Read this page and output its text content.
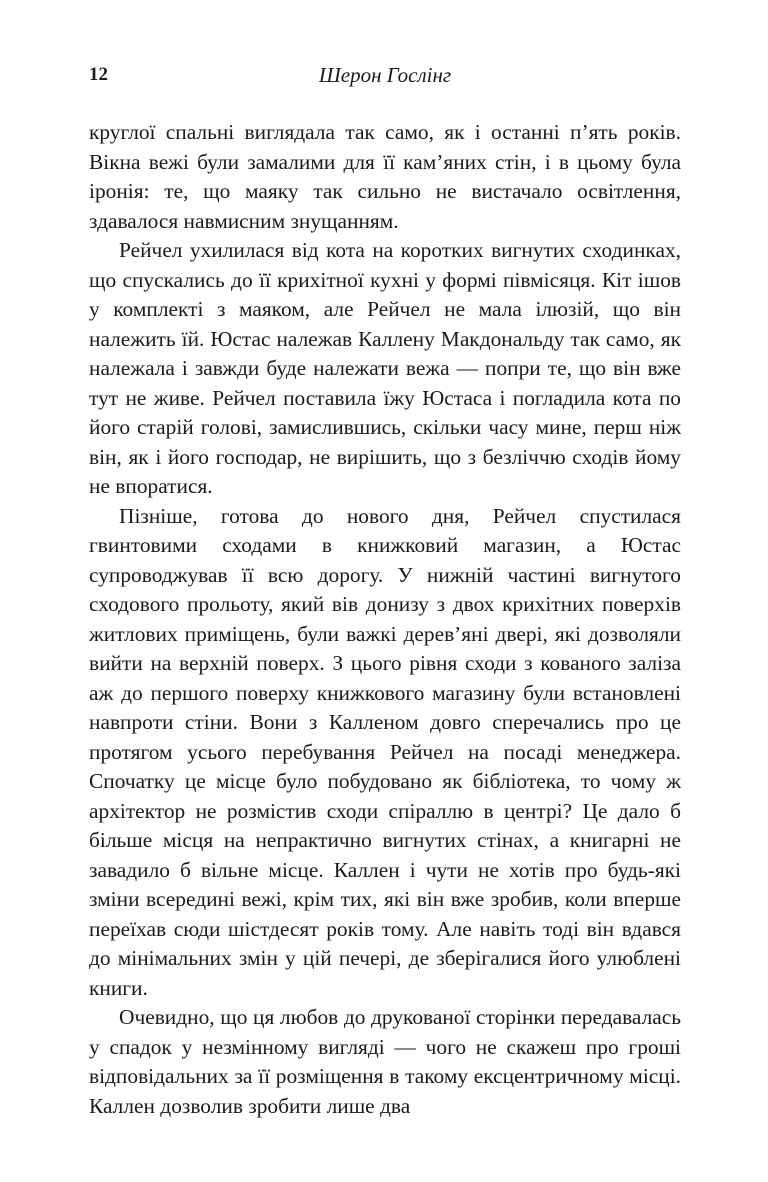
12	Шерон Гослінг

круглої спальні виглядала так само, як і останні п’ять років. Вікна вежі були замалими для її кам’яних стін, і в цьому була іронія: те, що маяку так сильно не вистачало освітлення, здавалося навмисним знущанням.

Рейчел ухилилася від кота на коротких вигнутих сходинках, що спускались до її крихітної кухні у формі півмісяця. Кіт ішов у комплекті з маяком, але Рейчел не мала ілюзій, що він належить їй. Юстас належав Каллену Макдональду так само, як належала і завжди буде належати вежа — попри те, що він вже тут не живе. Рейчел поставила їжу Юстаса і погладила кота по його старій голові, замислившись, скільки часу мине, перш ніж він, як і його господар, не вирішить, що з безліччю сходів йому не впоратися.

Пізніше, готова до нового дня, Рейчел спустилася гвинтовими сходами в книжковий магазин, а Юстас супроводжував її всю дорогу. У нижній частині вигнутого сходового прольоту, який вів донизу з двох крихітних поверхів житлових приміщень, були важкі дерев’яні двері, які дозволяли вийти на верхній поверх. З цього рівня сходи з кованого заліза аж до першого поверху книжкового магазину були встановлені навпроти стіни. Вони з Калленом довго сперечались про це протягом усього перебування Рейчел на посаді менеджера. Спочатку це місце було побудовано як бібліотека, то чому ж архітектор не розмістив сходи спіраллю в центрі? Це дало б більше місця на непрактично вигнутих стінах, а книгарні не завадило б вільне місце. Каллен і чути не хотів про будь-які зміни всередині вежі, крім тих, які він вже зробив, коли вперше переїхав сюди шістдесят років тому. Але навіть тоді він вдався до мінімальних змін у цій печері, де зберігалися його улюблені книги.

Очевидно, що ця любов до друкованої сторінки передавалась у спадок у незмінному вигляді — чого не скажеш про гроші відповідальних за її розміщення в такому ексцентричному місці. Каллен дозволив зробити лише два
